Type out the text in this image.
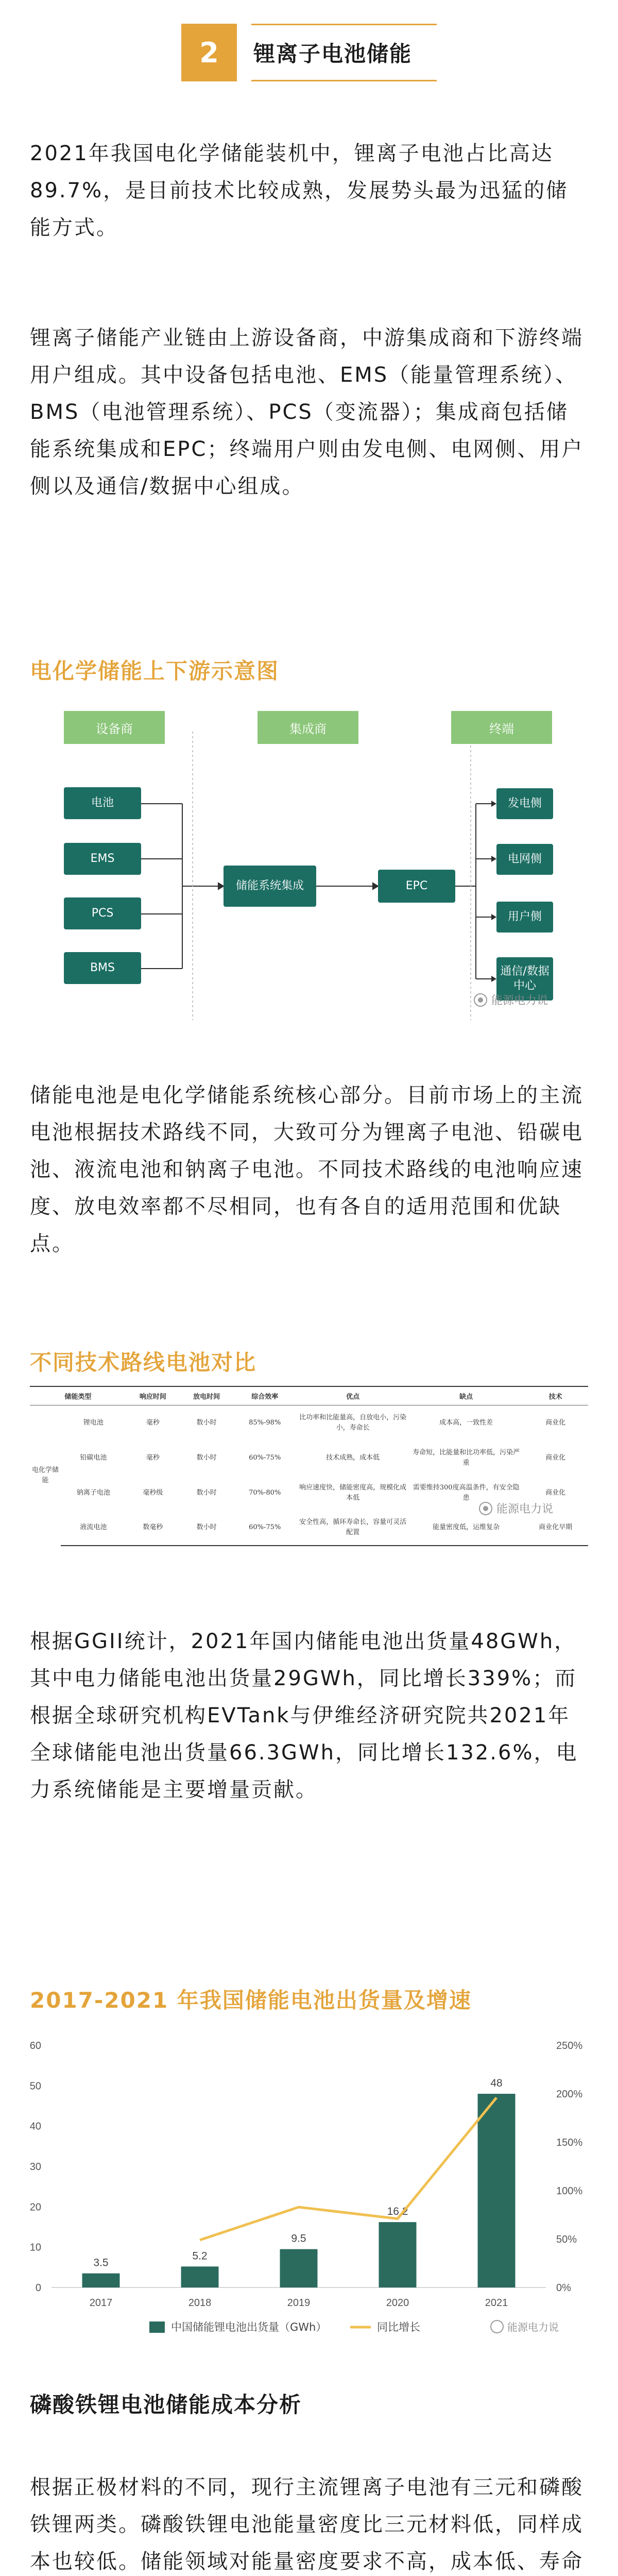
2	锂离子电池储能
2021年我国电化学储能装机中，锂离子电池占比高达89.7%，是目前技术比较成熟，发展势头最为迅猛的储能方式。
锂离子储能产业链由上游设备商，中游集成商和下游终端用户组成。其中设备包括电池、EMS（能量管理系统）、BMS（电池管理系统）、PCS（变流器）；集成商包括储能系统集成和EPC；终端用户则由发电侧、电网侧、用户侧以及通信/数据中心组成。
电化学储能上下游示意图
设备商	集成商	终端
电池
EMS
PCS
BMS
储能系统集成	EPC
发电侧
电网侧
用户侧
通信/数据中心
能源电力说
储能电池是电化学储能系统核心部分。目前市场上的主流电池根据技术路线不同，大致可分为锂离子电池、铅碳电池、液流电池和钠离子电池。不同技术路线的电池响应速度、放电效率都不尽相同，也有各自的适用范围和优缺点。
不同技术路线电池对比
储能类型		响应时间	放电时间	综合效率	优点	缺点	技术
电化学储能	锂电池	毫秒	数小时	85%-98%	比功率和比能量高，自放电小，污染小，寿命长	成本高，一致性差	商业化
	铅碳电池	毫秒	数小时	60%-75%	技术成熟，成本低	寿命短，比能量和比功率低，污染严重	商业化
	钠离子电池	毫秒级	数小时	70%-80%	响应速度快，储能密度高，规模化成本低	需要维持300度高温条件，有安全隐患	商业化
	液流电池	数毫秒	数小时	60%-75%	安全性高，循环寿命长，容量可灵活配置	能量密度低，运维复杂	商业化早期
能源电力说
根据GGII统计，2021年国内储能电池出货量48GWh，其中电力储能电池出货量29GWh，同比增长339%；而根据全球研究机构EVTank与伊维经济研究院共2021年全球储能电池出货量66.3GWh，同比增长132.6%，电力系统储能是主要增量贡献。
2017-2021 年我国储能电池出货量及增速
0
10
20
30
40
50
60
0%
50%
100%
150%
200%
250%
3.5
2017
5.2
2018
9.5
2019
16.2
2020
48
2021
中国储能锂电池出货量（GWh）	同比增长	能源电力说
磷酸铁锂电池储能成本分析
根据正极材料的不同，现行主流锂离子电池有三元和磷酸铁锂两类。磷酸铁锂电池能量密度比三元材料低，同样成本也较低。储能领域对能量密度要求不高，成本低、寿命
